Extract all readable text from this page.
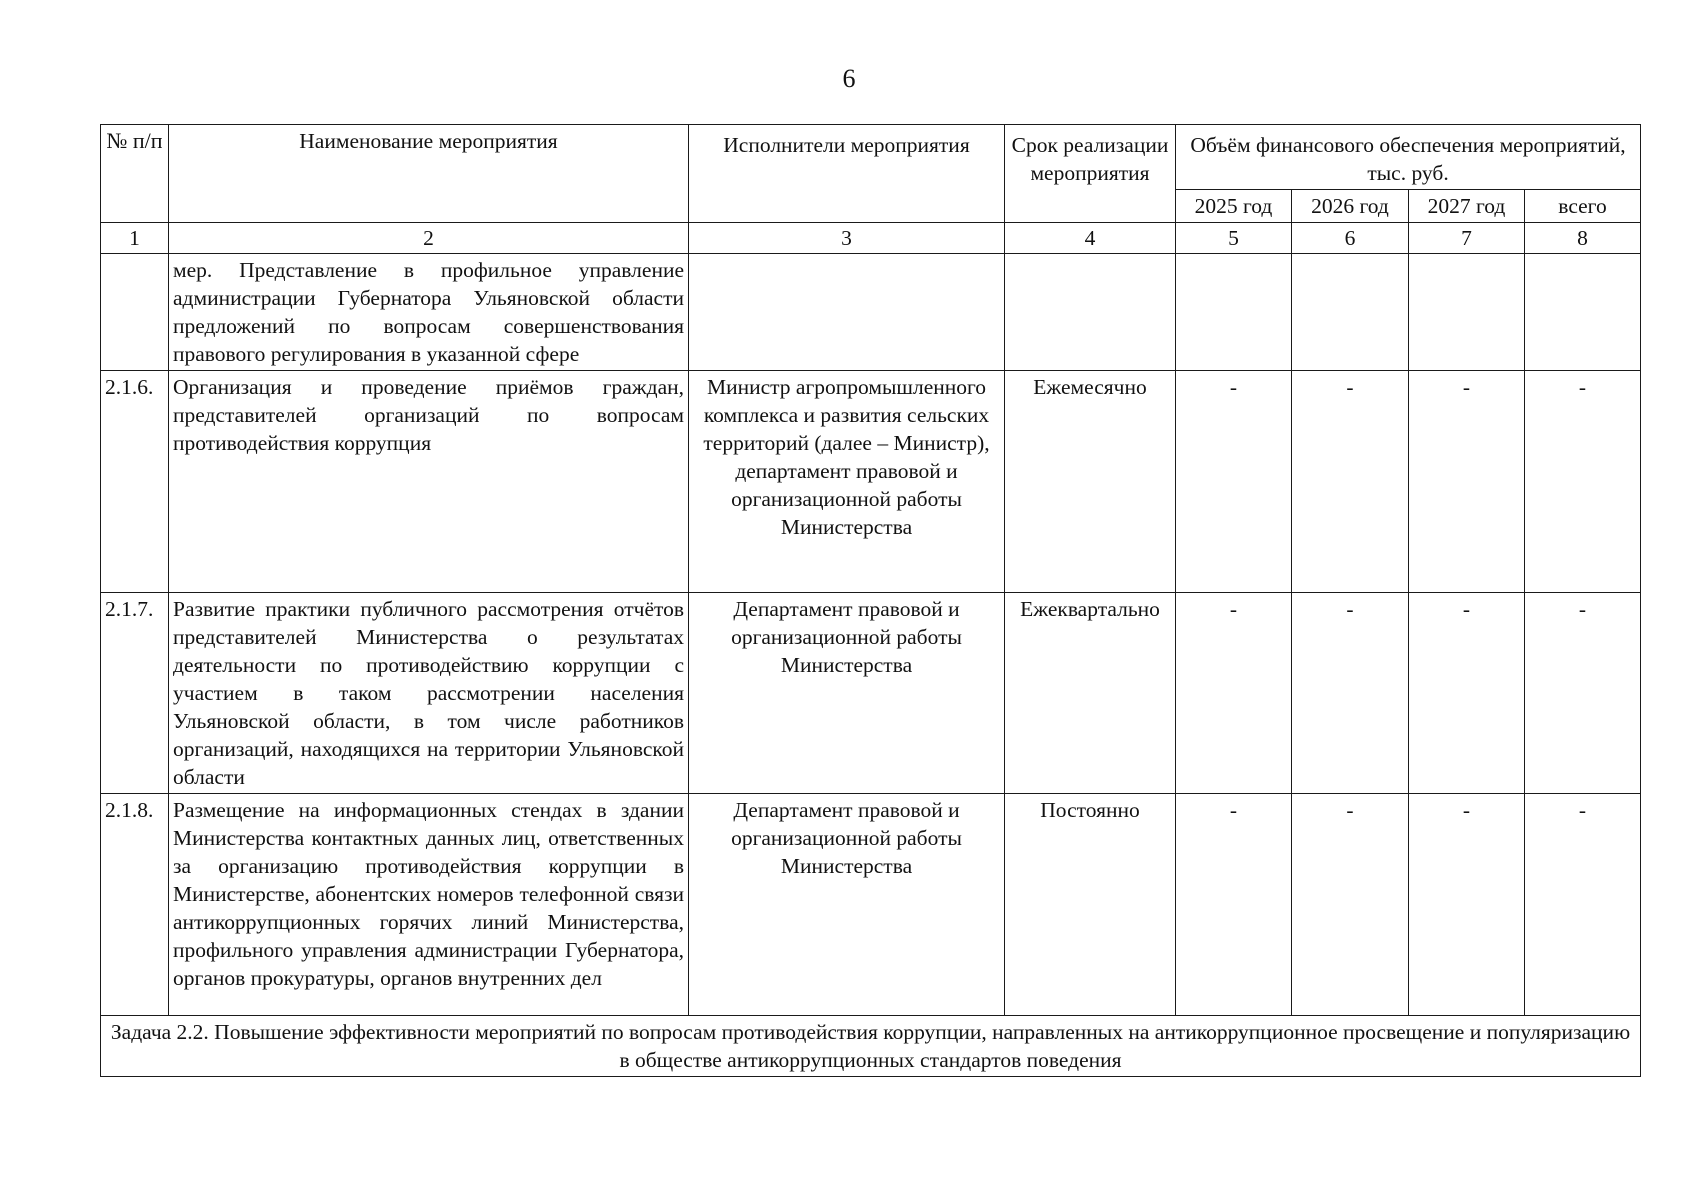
6
№ п/п	Наименование мероприятия	Исполнители мероприятия	Срок реализации мероприятия	Объём финансового обеспечения мероприятий, тыс. руб.			
				2025 год	2026 год	2027 год	всего
1	2	3	4	5	6	7	8
	мер. Представление в профильное управление администрации Губернатора Ульяновской области предложений по вопросам совершенствования правового регулирования в указанной сфере						
2.1.6.	Организация и проведение приёмов граждан, представителей организаций по вопросам противодействия коррупция	Министр агропромышленного комплекса и развития сельских территорий (далее – Министр), департамент правовой и организационной работы Министерства	Ежемесячно	-	-	-	-
2.1.7.	Развитие практики публичного рассмотрения отчётов представителей Министерства о результатах деятельности по противодействию коррупции с участием в таком рассмотрении населения Ульяновской области, в том числе работников организаций, находящихся на территории Ульяновской области	Департамент правовой и организационной работы Министерства	Ежеквартально	-	-	-	-
2.1.8.	Размещение на информационных стендах в здании Министерства контактных данных лиц, ответственных за организацию противодействия коррупции в Министерстве, абонентских номеров телефонной связи антикоррупционных горячих линий Министерства, профильного управления администрации Губернатора, органов прокуратуры, органов внутренних дел	Департамент правовой и организационной работы Министерства	Постоянно	-	-	-	-
Задача 2.2. Повышение эффективности мероприятий по вопросам противодействия коррупции, направленных на антикоррупционное просвещение и популяризацию в обществе антикоррупционных стандартов поведения							
